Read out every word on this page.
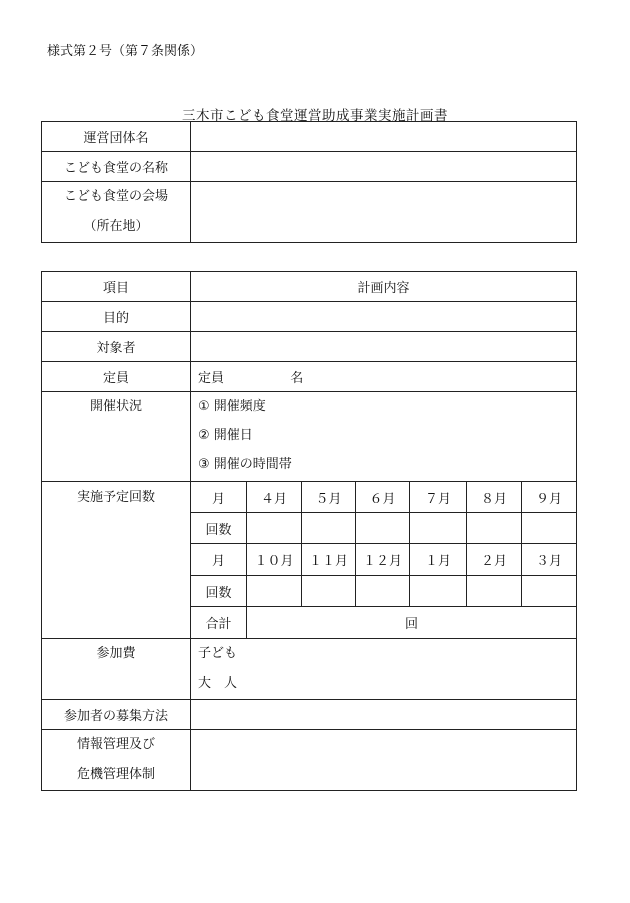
様式第２号（第７条関係）
三木市こども食堂運営助成事業実施計画書
運営団体名	
こども食堂の名称	

こども食堂の会場
（所在地）	

項目	計画内容						
目的							
対象者							
定員	定員 名						

開催状況	① 開催頻度
② 開催日
③ 開催の時間帯						

実施予定回数	月	４月	５月	６月	７月	８月	９月
	回数						
	月	１０月	１１月	１２月	１月	２月	３月
	回数						
	合計	回					

参加費	子ども
大　人						

参加者の募集方法							

情報管理及び
危機管理体制							
